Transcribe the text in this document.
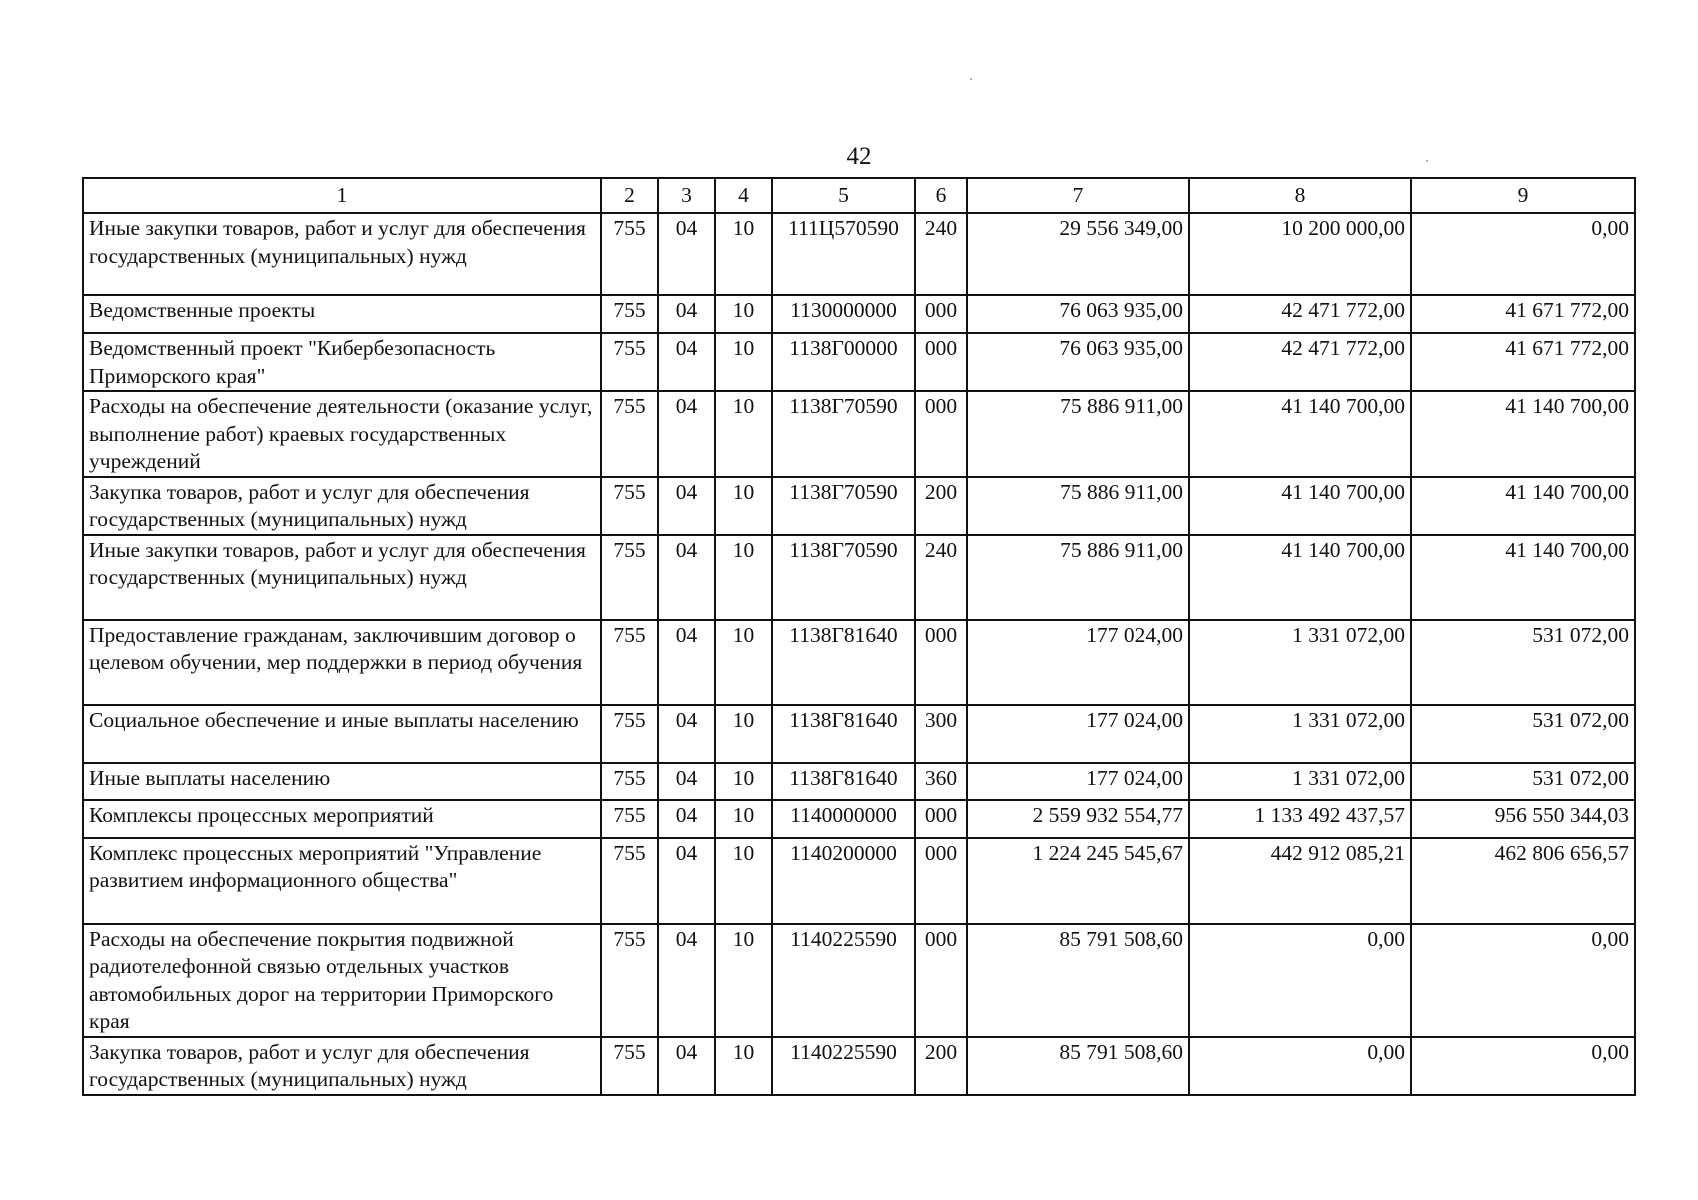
42
1	2	3	4	5	6	7	8	9
Иные закупки товаров, работ и услуг для обеспечения государственных (муниципальных) нужд	755	04	10	111Ц570590	240	29 556 349,00	10 200 000,00	0,00
Ведомственные проекты	755	04	10	1130000000	000	76 063 935,00	42 471 772,00	41 671 772,00
Ведомственный проект "Кибербезопасность Приморского края"	755	04	10	1138Г00000	000	76 063 935,00	42 471 772,00	41 671 772,00
Расходы на обеспечение деятельности (оказание услуг, выполнение работ) краевых государственных учреждений	755	04	10	1138Г70590	000	75 886 911,00	41 140 700,00	41 140 700,00
Закупка товаров, работ и услуг для обеспечения государственных (муниципальных) нужд	755	04	10	1138Г70590	200	75 886 911,00	41 140 700,00	41 140 700,00
Иные закупки товаров, работ и услуг для обеспечения государственных (муниципальных) нужд	755	04	10	1138Г70590	240	75 886 911,00	41 140 700,00	41 140 700,00
Предоставление гражданам, заключившим договор о целевом обучении, мер поддержки в период обучения	755	04	10	1138Г81640	000	177 024,00	1 331 072,00	531 072,00
Социальное обеспечение и иные выплаты населению	755	04	10	1138Г81640	300	177 024,00	1 331 072,00	531 072,00
Иные выплаты населению	755	04	10	1138Г81640	360	177 024,00	1 331 072,00	531 072,00
Комплексы процессных мероприятий	755	04	10	1140000000	000	2 559 932 554,77	1 133 492 437,57	956 550 344,03
Комплекс процессных мероприятий "Управление развитием информационного общества"	755	04	10	1140200000	000	1 224 245 545,67	442 912 085,21	462 806 656,57
Расходы на обеспечение покрытия подвижной радиотелефонной связью отдельных участков автомобильных дорог на территории Приморского края	755	04	10	1140225590	000	85 791 508,60	0,00	0,00
Закупка товаров, работ и услуг для обеспечения государственных (муниципальных) нужд	755	04	10	1140225590	200	85 791 508,60	0,00	0,00
